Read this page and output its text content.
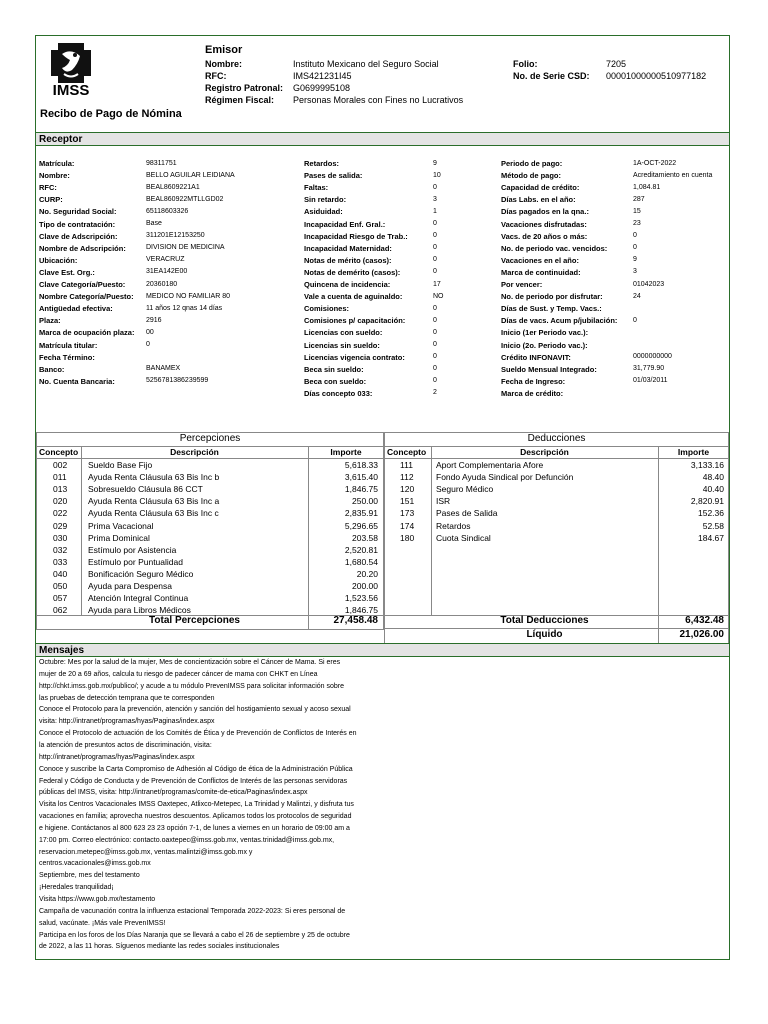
IMSS
Emisor
Nombre:	Instituto Mexicano del Seguro Social
RFC:	IMS421231I45
Registro Patronal: G0699995108
Régimen Fiscal: Personas Morales con Fines no Lucrativos
Folio:	7205
No. de Serie CSD: 00001000000510977182
Recibo de Pago de Nómina
Receptor
Matrícula:	98311751
Nombre:	BELLO AGUILAR LEIDIANA
RFC:	BEAL8609221A1
CURP:	BEAL860922MTLLGD02
No. Seguridad Social:	65118603326
Tipo de contratación:	Base
Clave de Adscripción:	311201E12153250
Nombre de Adscripción:	DIVISION DE MEDICINA
Ubicación:	VERACRUZ
Clave Est. Org.:	31EA142E00
Clave Categoría/Puesto:	20360180
Nombre Categoría/Puesto: MEDICO NO FAMILIAR 80
Antigüedad efectiva:	11 años 12 qnas 14 días
Plaza:	2916
Marca de ocupación plaza: 00
Matrícula titular:	0
Fecha Término:
Banco:	BANAMEX
No. Cuenta Bancaria:	5256781386239599
Retardos:	9
Pases de salida:	10
Faltas:	0
Sin retardo:	3
Asiduidad:	1
Incapacidad Enf. Gral.:	0
Incapacidad Riesgo de Trab.:	0
Incapacidad Maternidad:	0
Notas de mérito (casos):	0
Notas de demérito (casos):	0
Quincena de incidencia:	17
Vale a cuenta de aguinaldo:	NO
Comisiones:	0
Comisiones p/ capacitación:	0
Licencias con sueldo:	0
Licencias sin sueldo:	0
Licencias vigencia contrato:	0
Beca sin sueldo:	0
Beca con sueldo:	0
Días concepto 033:	2
Periodo de pago:	1A-OCT-2022
Método de pago:	Acreditamiento en cuenta
Capacidad de crédito:	1,084.81
Días Labs. en el año:	287
Días pagados en la qna.:	15
Vacaciones disfrutadas:	23
Vacs. de 20 años o más:	0
No. de periodo vac. vencidos:	0
Vacaciones en el año:	9
Marca de continuidad:	3
Por vencer:	01042023
No. de periodo por disfrutar:	24
Días de Sust. y Temp. Vacs.:
Días de vacs. Acum p/jubilación: 0
Inicio (1er Periodo vac.):
Inicio (2o. Periodo vac.):
Crédito INFONAVIT:	0000000000
Sueldo Mensual Integrado:	31,779.90
Fecha de Ingreso:	01/03/2011
Marca de crédito:
Percepciones	Deducciones
Concepto	Descripción	Importe	Concepto	Descripción	Importe
002 Sueldo Base Fijo	5,618.33
011	Ayuda Renta Cláusula 63 Bis Inc b	3,615.40
013 Sobresueldo Cláusula 86 CCT	1,846.75
020 Ayuda Renta Cláusula 63 Bis Inc a	250.00
022 Ayuda Renta Cláusula 63 Bis Inc c	2,835.91
029 Prima Vacacional	5,296.65
030 Prima Dominical	203.58
032 Estímulo por Asistencia	2,520.81
033 Estímulo por Puntualidad	1,680.54
040 Bonificación Seguro Médico	20.20
050 Ayuda para Despensa	200.00
057 Atención Integral Continua	1,523.56
062 Ayuda para Libros Médicos	1,846.75
111	Aport Complementaria Afore	3,133.16
112	Fondo Ayuda Sindical por Defunción	48.40
120	Seguro Médico	40.40
151	ISR	2,820.91
173	Pases de Salida	152.36
174	Retardos	52.58
180	Cuota Sindical	184.67
Total Percepciones	27,458.48	Total Deducciones	6,432.48
Líquido	21,026.00
Mensajes
Octubre: Mes por la salud de la mujer, Mes de concientización sobre el Cáncer de Mama. Si eres
mujer de 20 a 69 años, calcula tu riesgo de padecer cáncer de mama con CHKT en Línea
http://chkt.imss.gob.mx/publico/; y acude a tu módulo PrevenIMSS para solicitar información sobre
las pruebas de detección temprana que te corresponden
Conoce el Protocolo para la prevención, atención y sanción del hostigamiento sexual y acoso sexual
visita: http://intranet/programas/hyas/Paginas/index.aspx
Conoce el Protocolo de actuación de los Comités de Ética y de Prevención de Conflictos de Interés en
la atención de presuntos actos de discriminación, visita:
http://intranet/programas/hyas/Paginas/index.aspx
Conoce y suscribe la Carta Compromiso de Adhesión al Código de ética de la Administración Pública
Federal y Código de Conducta y de Prevención de Conflictos de Interés de las personas servidoras
públicas del IMSS, visita: http://intranet/programas/comite-de-etica/Paginas/index.aspx
Visita los Centros Vacacionales IMSS Oaxtepec, Atlixco-Metepec, La Trinidad y Malintzi, y disfruta tus
vacaciones en familia; aprovecha nuestros descuentos. Aplicamos todos los protocolos de seguridad
e higiene. Contáctanos al 800 623 23 23 opción 7-1, de lunes a viernes en un horario de 09:00 am a
17:00 pm. Correo electrónico: contacto.oaxtepec@imss.gob.mx, ventas.trinidad@imss.gob.mx,
reservacion.metepec@imss.gob.mx, ventas.malintzi@imss.gob.mx y
centros.vacacionales@imss.gob.mx
Septiembre, mes del testamento
¡Heredales tranquilidad¡
Visita https://www.gob.mx/testamento
Campaña de vacunación contra la influenza estacional Temporada 2022-2023: Si eres personal de
salud, vacúnate. ¡Más vale PrevenIMSS!
Participa en los foros de los Días Naranja que se llevará a cabo el 26 de septiembre y 25 de octubre
de 2022, a las 11 horas. Síguenos mediante las redes sociales institucionales
